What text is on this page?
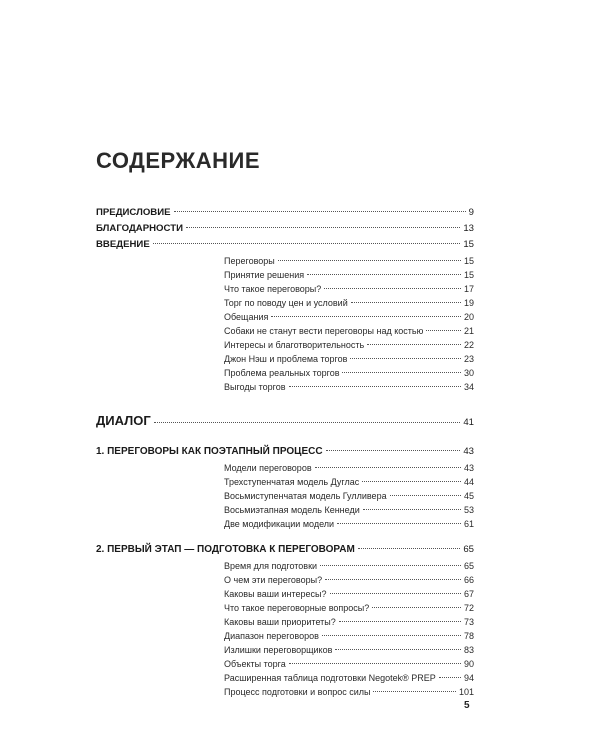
СОДЕРЖАНИЕ
ПРЕДИСЛОВИЕ	9
БЛАГОДАРНОСТИ	13
ВВЕДЕНИЕ	15
Переговоры	15
Принятие решения	15
Что такое переговоры?	17
Торг по поводу цен и условий	19
Обещания	20
Собаки не станут вести переговоры над костью	21
Интересы и благотворительность	22
Джон Нэш и проблема торгов	23
Проблема реальных торгов	30
Выгоды торгов	34
ДИАЛОГ	41
1. ПЕРЕГОВОРЫ КАК ПОЭТАПНЫЙ ПРОЦЕСС	43
Модели переговоров	43
Трехступенчатая модель Дуглас	44
Восьмиступенчатая модель Гулливера	45
Восьмиэтапная модель Кеннеди	53
Две модификации модели	61
2. ПЕРВЫЙ ЭТАП — ПОДГОТОВКА К ПЕРЕГОВОРАМ	65
Время для подготовки	65
О чем эти переговоры?	66
Каковы ваши интересы?	67
Что такое переговорные вопросы?	72
Каковы ваши приоритеты?	73
Диапазон переговоров	78
Излишки переговорщиков	83
Объекты торга	90
Расширенная таблица подготовки Negotek® PREP	94
Процесс подготовки и вопрос силы	101
5
